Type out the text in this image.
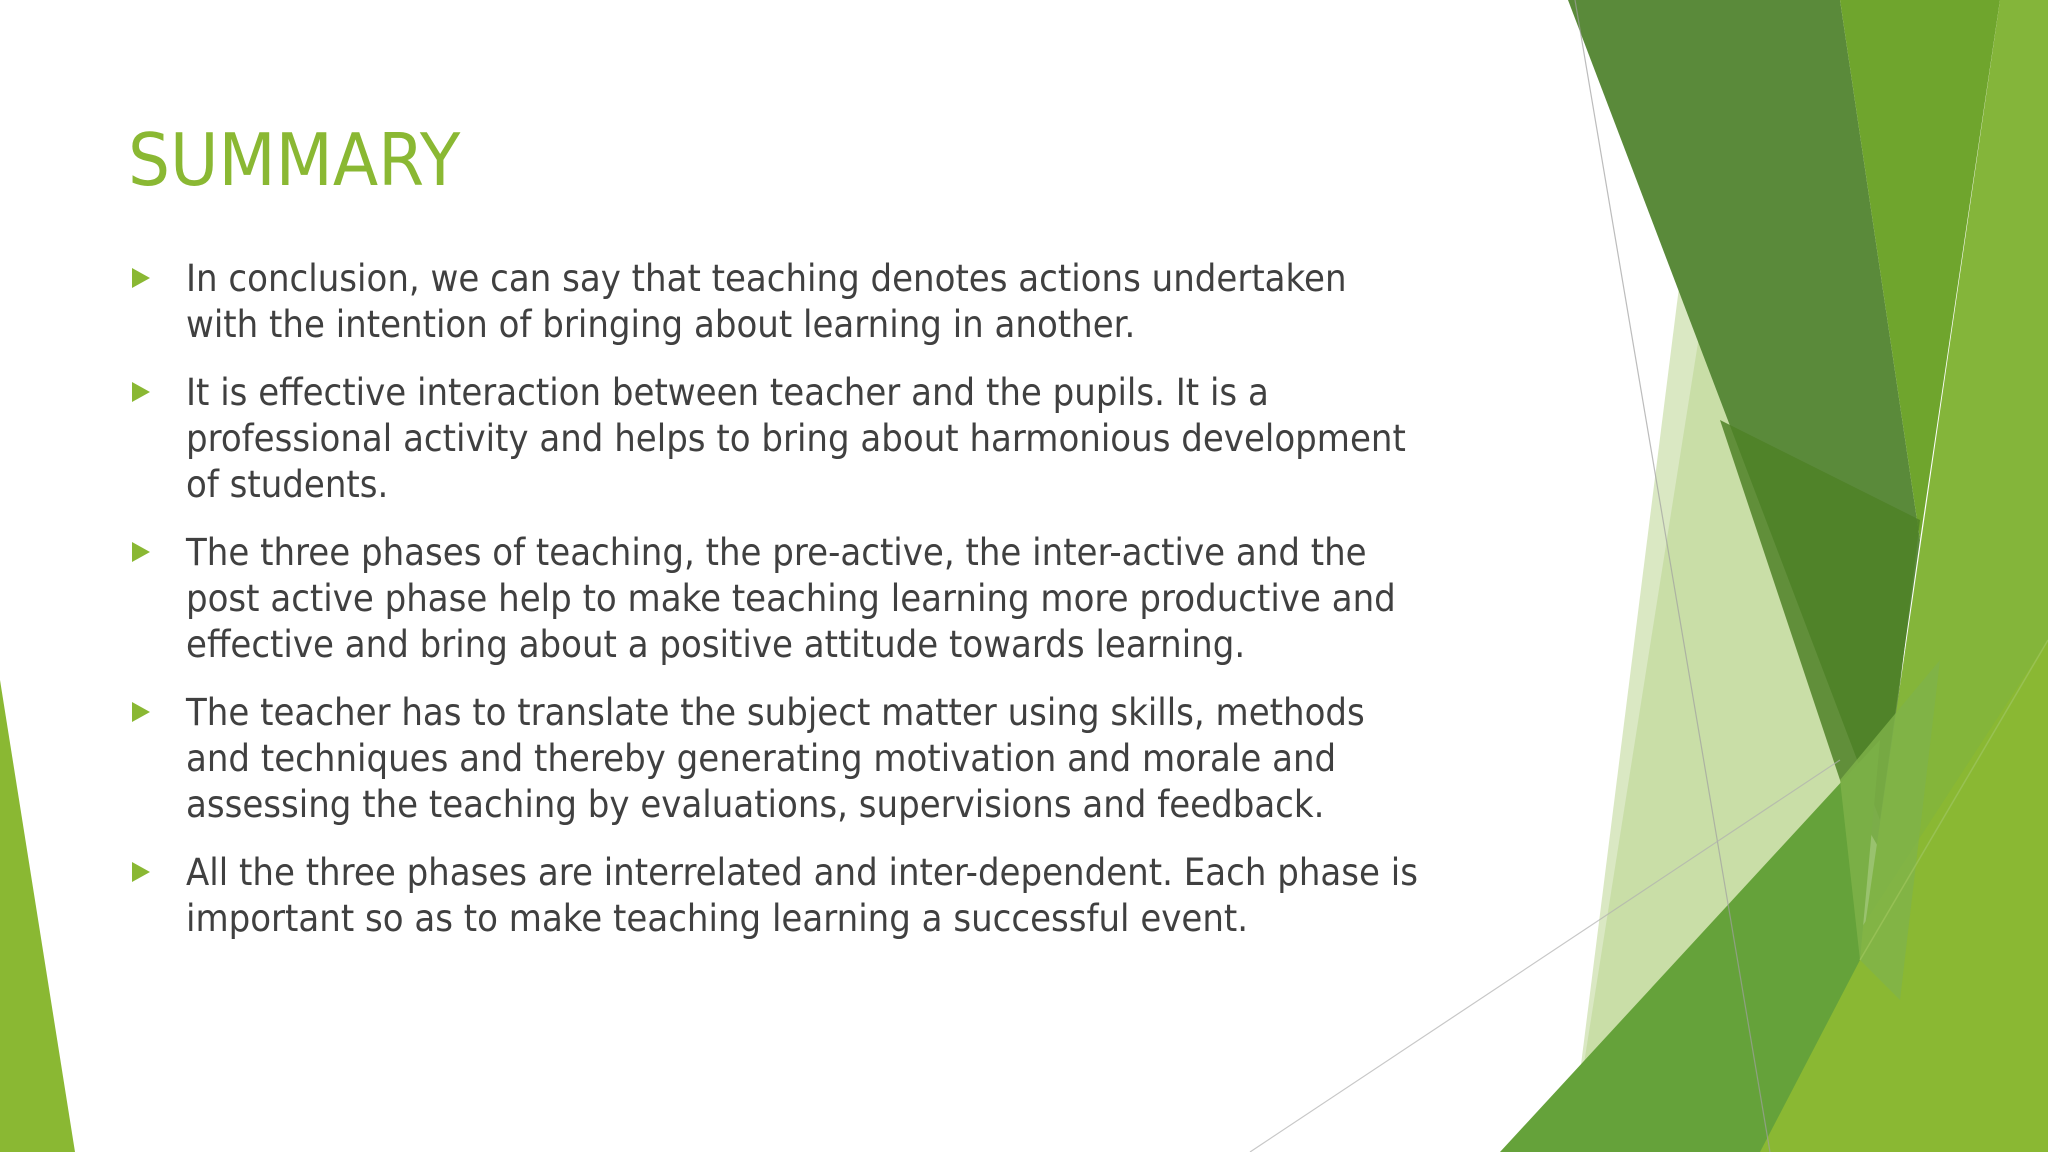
SUMMARY
In conclusion, we can say that teaching denotes actions undertaken with the intention of bringing about learning in another.
It is effective interaction between teacher and the pupils. It is a professional activity and helps to bring about harmonious development of students.
The three phases of teaching, the pre-active, the inter-active and the post active phase help to make teaching learning more productive and effective and bring about a positive attitude towards learning.
The teacher has to translate the subject matter using skills, methods and techniques and thereby generating motivation and morale and assessing the teaching by evaluations, supervisions and feedback.
All the three phases are interrelated and inter-dependent. Each phase is important so as to make teaching learning a successful event.
